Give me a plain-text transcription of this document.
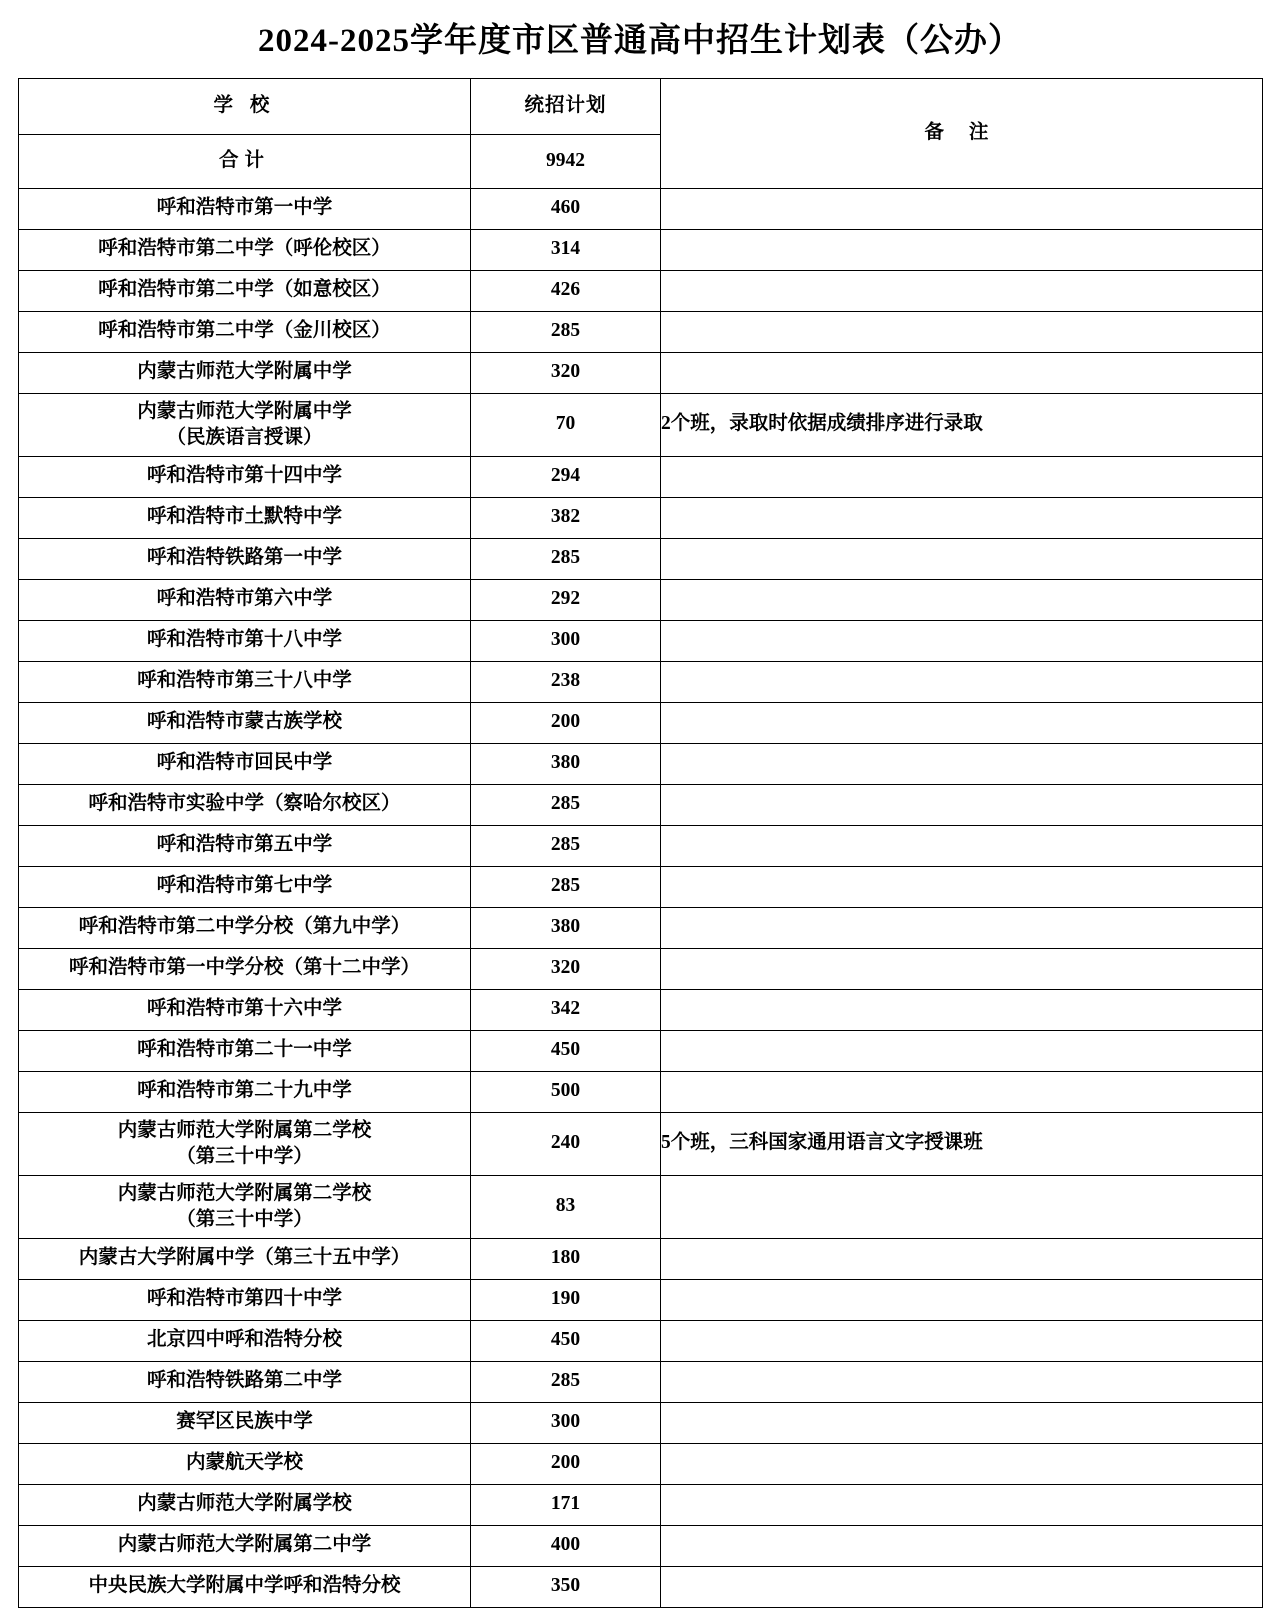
2024-2025学年度市区普通高中招生计划表（公办）
学 校	统招计划	备 注
合计	9942	
呼和浩特市第一中学	460	
呼和浩特市第二中学（呼伦校区）	314	
呼和浩特市第二中学（如意校区）	426	
呼和浩特市第二中学（金川校区）	285	
内蒙古师范大学附属中学	320	

内蒙古师范大学附属中学
（民族语言授课）	70	2个班，录取时依据成绩排序进行录取
呼和浩特市第十四中学	294	
呼和浩特市土默特中学	382	
呼和浩特铁路第一中学	285	
呼和浩特市第六中学	292	
呼和浩特市第十八中学	300	
呼和浩特市第三十八中学	238	
呼和浩特市蒙古族学校	200	
呼和浩特市回民中学	380	
呼和浩特市实验中学（察哈尔校区）	285	
呼和浩特市第五中学	285	
呼和浩特市第七中学	285	
呼和浩特市第二中学分校（第九中学）	380	
呼和浩特市第一中学分校（第十二中学）	320	
呼和浩特市第十六中学	342	
呼和浩特市第二十一中学	450	
呼和浩特市第二十九中学	500	

内蒙古师范大学附属第二学校
（第三十中学）	240	5个班，三科国家通用语言文字授课班

内蒙古师范大学附属第二学校
（第三十中学）	83	
内蒙古大学附属中学（第三十五中学）	180	
呼和浩特市第四十中学	190	
北京四中呼和浩特分校	450	
呼和浩特铁路第二中学	285	
赛罕区民族中学	300	
内蒙航天学校	200	
内蒙古师范大学附属学校	171	
内蒙古师范大学附属第二中学	400	
中央民族大学附属中学呼和浩特分校	350	
